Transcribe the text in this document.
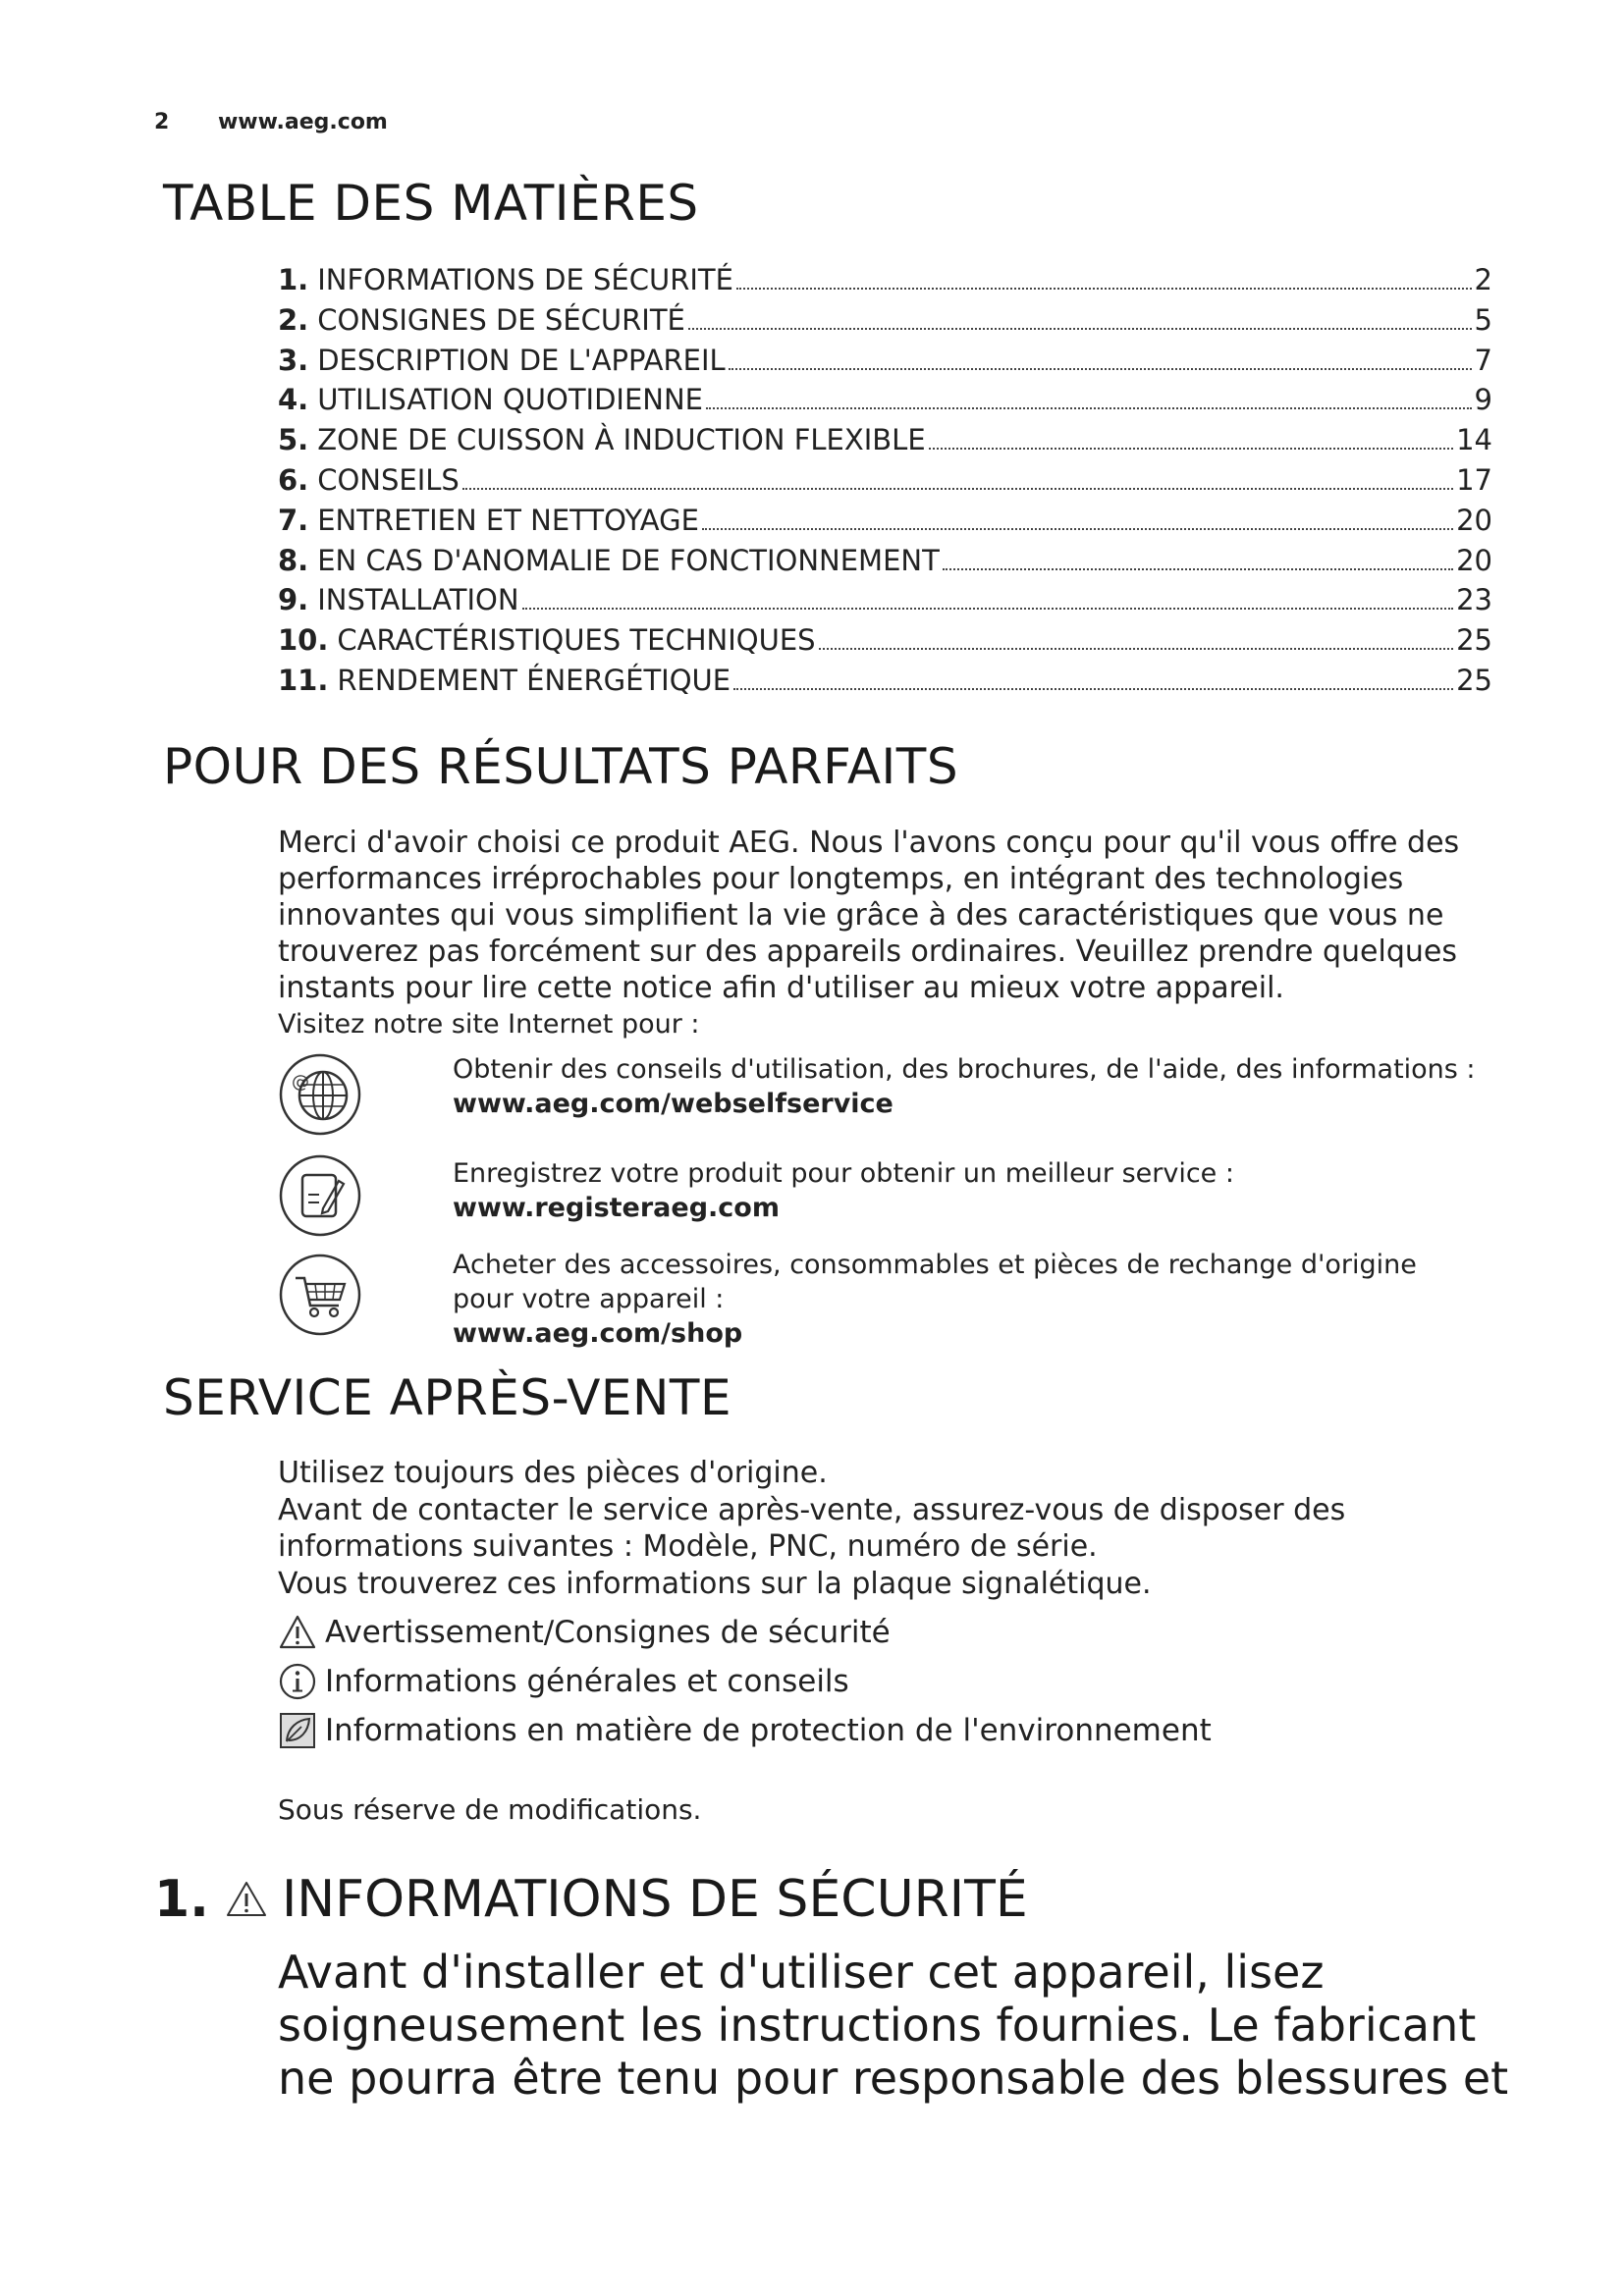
2 www.aeg.com
TABLE DES MATIÈRES
1. INFORMATIONS DE SÉCURITÉ	2
2. CONSIGNES DE SÉCURITÉ	5
3. DESCRIPTION DE L'APPAREIL	7
4. UTILISATION QUOTIDIENNE	9
5. ZONE DE CUISSON À INDUCTION FLEXIBLE	14
6. CONSEILS	17
7. ENTRETIEN ET NETTOYAGE	20
8. EN CAS D'ANOMALIE DE FONCTIONNEMENT	20
9. INSTALLATION	23
10. CARACTÉRISTIQUES TECHNIQUES	25
11. RENDEMENT ÉNERGÉTIQUE	25
POUR DES RÉSULTATS PARFAITS

Merci d'avoir choisi ce produit AEG. Nous l'avons conçu pour qu'il vous offre des performances irréprochables pour longtemps, en intégrant des technologies innovantes qui vous simplifient la vie grâce à des caractéristiques que vous ne trouverez pas forcément sur des appareils ordinaires. Veuillez prendre quelques instants pour lire cette notice afin d'utiliser au mieux votre appareil.

Visitez notre site Internet pour :

@	Obtenir des conseils d'utilisation, des brochures, de l'aide, des informations :
www.aeg.com/webselfservice
Enregistrez votre produit pour obtenir un meilleur service :
www.registeraeg.com
Acheter des accessoires, consommables et pièces de rechange d'origine pour votre appareil :
www.aeg.com/shop
SERVICE APRÈS-VENTE

Utilisez toujours des pièces d'origine.

Avant de contacter le service après-vente, assurez-vous de disposer des informations suivantes : Modèle, PNC, numéro de série.

Vous trouverez ces informations sur la plaque signalétique.

Avertissement/Consignes de sécurité
Informations générales et conseils
Informations en matière de protection de l'environnement
Sous réserve de modifications.
1. INFORMATIONS DE SÉCURITÉ

Avant d'installer et d'utiliser cet appareil, lisez soigneusement les instructions fournies. Le fabricant ne pourra être tenu pour responsable des blessures et
